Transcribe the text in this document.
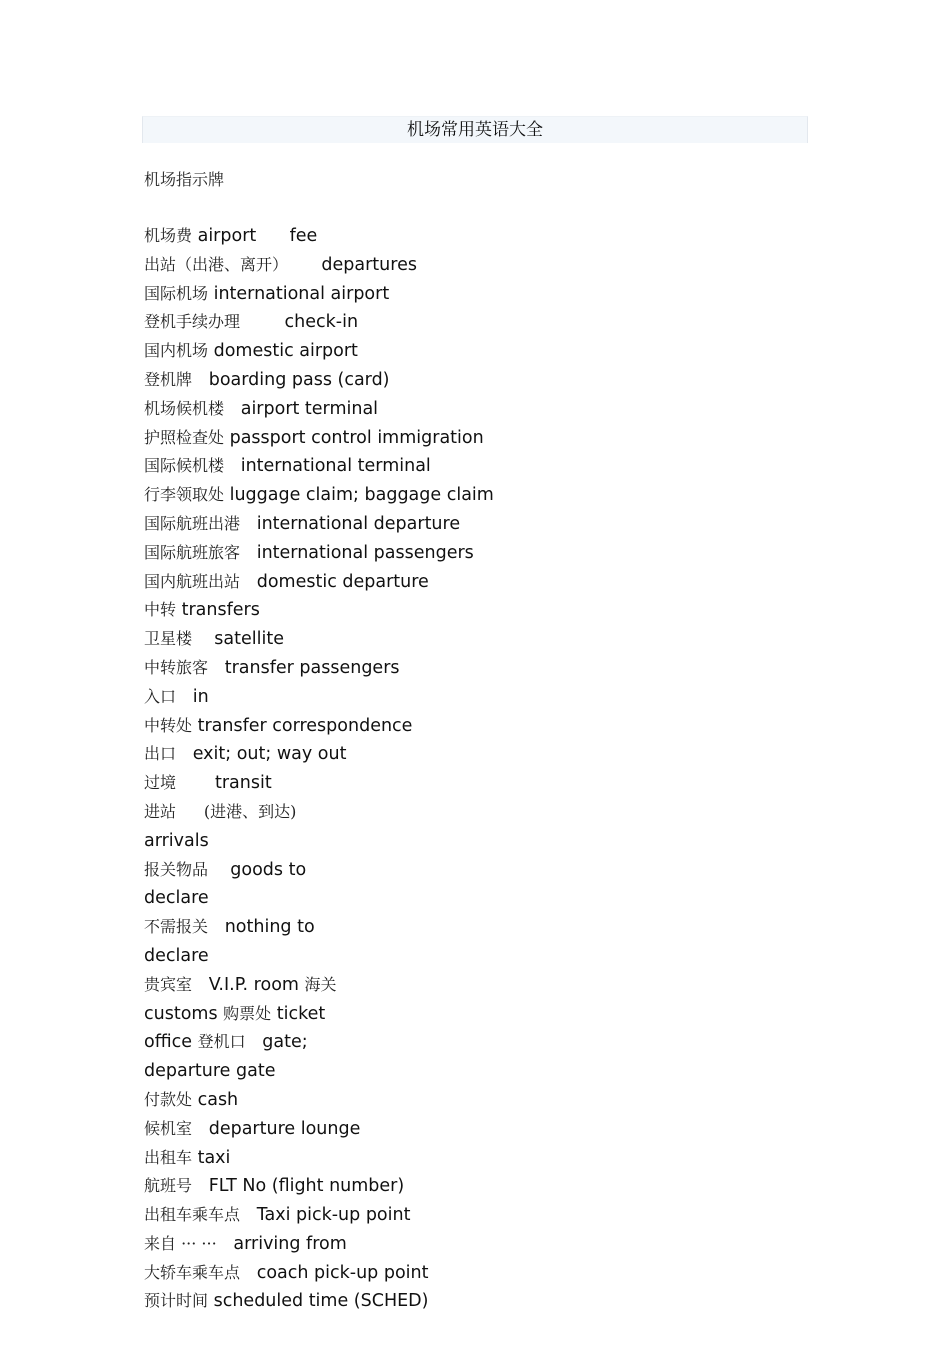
机场常用英语大全
机场指示牌
机场费 airport      fee
出站（出港、离开） departures
国际机场 international airport
登机手续办理	check-in
国内机场 domestic airport
登机牌 boarding pass (card)
机场候机楼 airport terminal
护照检查处 passport control immigration
国际候机楼 international terminal
行李领取处 luggage claim; baggage claim
国际航班出港 international departure
国际航班旅客 international passengers
国内航班出站 domestic departure
中转 transfers
卫星楼 satellite
中转旅客 transfer passengers
入口 in
中转处 transfer correspondence
出口 exit; out; way out
过境 transit
进站 (进港、到达)
arrivals
报关物品 goods to
declare
不需报关 nothing to
declare
贵宾室 V.I.P. room 海关
customs 购票处 ticket
office 登机口   gate;
departure gate
付款处 cash
候机室 departure lounge
出租车 taxi
航班号 FLT No (flight number)
出租车乘车点 Taxi pick-up point
来自 ··· ··· arriving from
大轿车乘车点 coach pick-up point
预计时间 scheduled time (SCHED)
